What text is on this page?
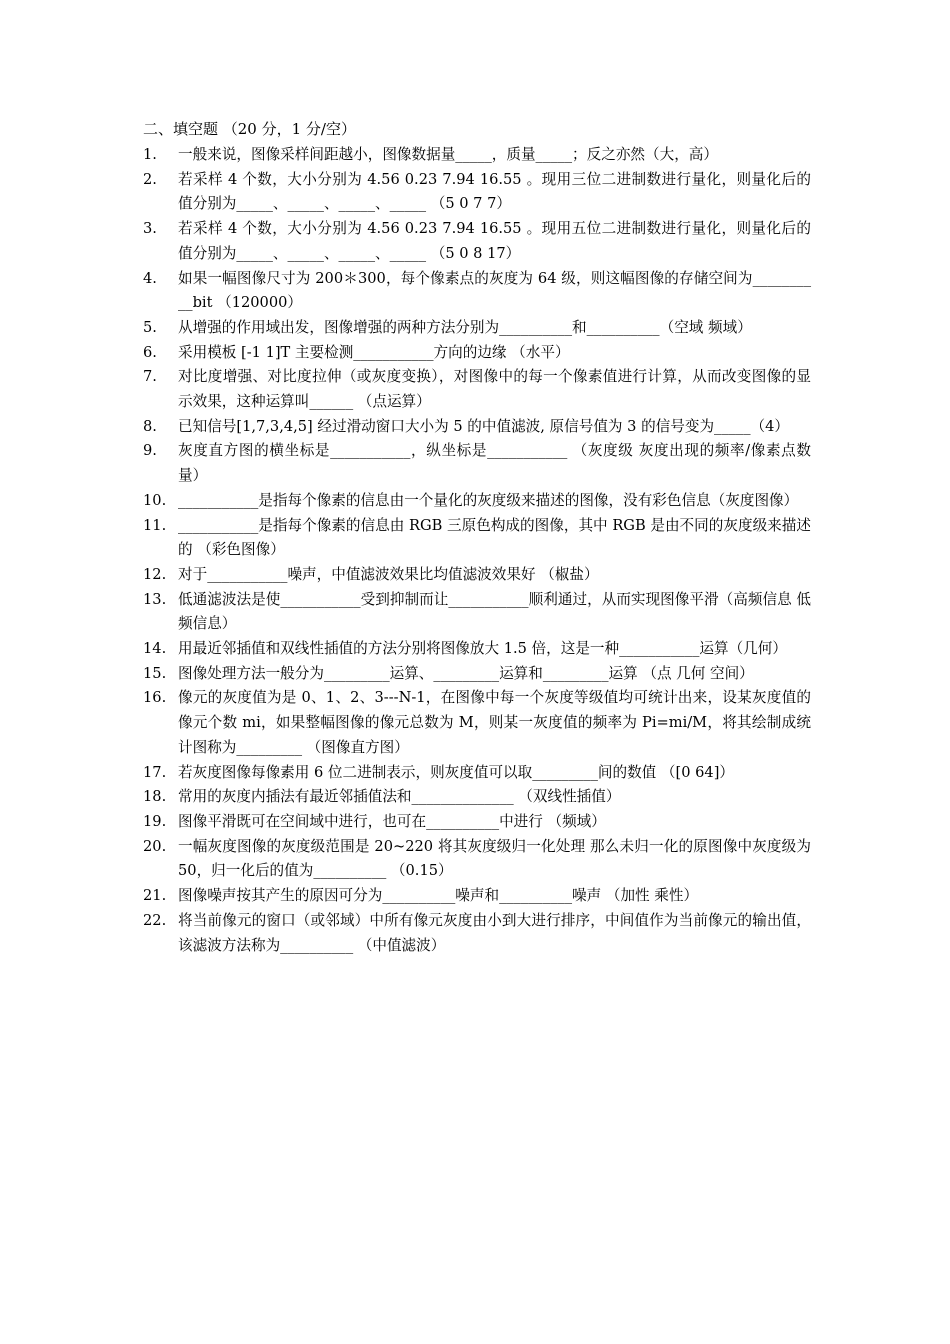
二、填空题 （20 分，1 分/空）
1.	一般来说，图像采样间距越小，图像数据量_____，质量_____；反之亦然（大，高）
2.	若采样 4 个数，大小分别为 4.56 0.23 7.94 16.55 。现用三位二进制数进行量化，则量化后的值分别为_____、_____、_____、_____ （5 0 7 7）
3.	若采样 4 个数，大小分别为 4.56 0.23 7.94 16.55 。现用五位二进制数进行量化，则量化后的值分别为_____、_____、_____、_____ （5 0 8 17）
4.	如果一幅图像尺寸为 200＊300，每个像素点的灰度为 64 级，则这幅图像的存储空间为__________bit （120000）
5.	从增强的作用域出发，图像增强的两种方法分别为__________和__________（空域 频域）
6.	采用模板 [-1 1]T 主要检测___________方向的边缘 （水平）
7.	对比度增强、对比度拉伸（或灰度变换），对图像中的每一个像素值进行计算，从而改变图像的显示效果，这种运算叫______ （点运算）
8.	已知信号[1,7,3,4,5] 经过滑动窗口大小为 5 的中值滤波, 原信号值为 3 的信号变为_____（4）
9.	灰度直方图的横坐标是___________，纵坐标是___________ （灰度级 灰度出现的频率/像素点数量）
10. ___________是指每个像素的信息由一个量化的灰度级来描述的图像，没有彩色信息（灰度图像）
11. ___________是指每个像素的信息由 RGB 三原色构成的图像，其中 RGB 是由不同的灰度级来描述的 （彩色图像）
12. 对于___________噪声，中值滤波效果比均值滤波效果好 （椒盐）
13. 低通滤波法是使___________受到抑制而让___________顺利通过，从而实现图像平滑（高频信息 低频信息）
14. 用最近邻插值和双线性插值的方法分别将图像放大 1.5 倍，这是一种___________运算（几何）
15. 图像处理方法一般分为_________运算、_________运算和_________运算 （点 几何 空间）
16. 像元的灰度值为是 0、1、2、3---N-1，在图像中每一个灰度等级值均可统计出来，设某灰度值的像元个数 mi，如果整幅图像的像元总数为 M，则某一灰度值的频率为 Pi=mi/M，将其绘制成统计图称为_________ （图像直方图）
17. 若灰度图像每像素用 6 位二进制表示，则灰度值可以取_________间的数值 （[0 64]）
18. 常用的灰度内插法有最近邻插值法和______________ （双线性插值）
19. 图像平滑既可在空间域中进行，也可在__________中进行 （频域）
20. 一幅灰度图像的灰度级范围是 20~220 将其灰度级归一化处理 那么未归一化的原图像中灰度级为 50，归一化后的值为__________ （0.15）
21. 图像噪声按其产生的原因可分为__________噪声和__________噪声 （加性 乘性）
22. 将当前像元的窗口（或邻域）中所有像元灰度由小到大进行排序，中间值作为当前像元的输出值，该滤波方法称为__________ （中值滤波）
